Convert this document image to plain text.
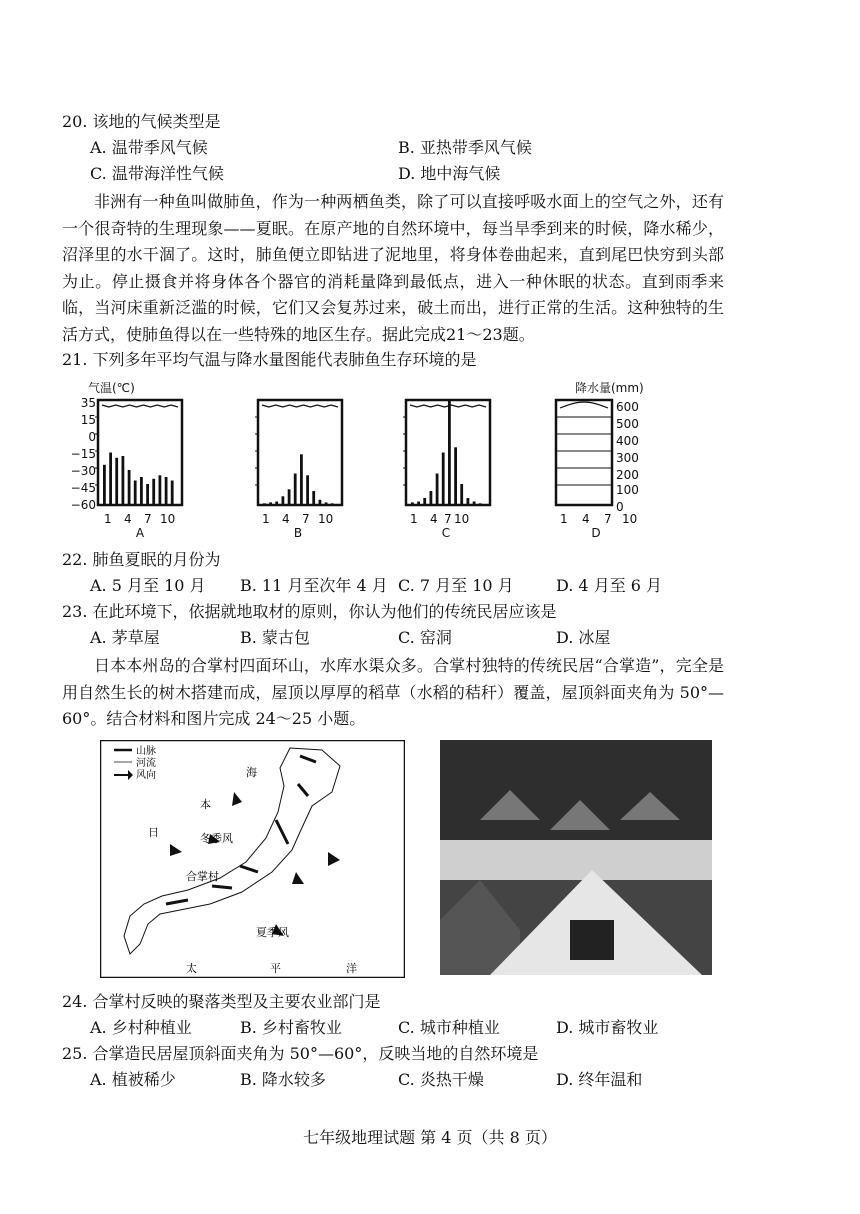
20. 该地的气候类型是
A. 温带季风气候	B. 亚热带季风气候
C. 温带海洋性气候	D. 地中海气候

非洲有一种鱼叫做肺鱼，作为一种两栖鱼类，除了可以直接呼吸水面上的空气之外，还有一个很奇特的生理现象——夏眠。在原产地的自然环境中，每当旱季到来的时候，降水稀少，沼泽里的水干涸了。这时，肺鱼便立即钻进了泥地里，将身体卷曲起来，直到尾巴快穷到头部为止。停止摄食并将身体各个器官的消耗量降到最低点，进入一种休眠的状态。直到雨季来临，当河床重新泛滥的时候，它们又会复苏过来，破土而出，进行正常的生活。这种独特的生活方式，使肺鱼得以在一些特殊的地区生存。据此完成21～23题。

21. 下列多年平均气温与降水量图能代表肺鱼生存环境的是
气温(℃)	降水量(mm)
35
15
0
−15
−30
−45
−60
600
500
400
300
200
100
0
A	B	C	D
1 4 7 10	1 4 7 10	1 4 7 10	1 4 7 10
22. 肺鱼夏眠的月份为
A. 5 月至 10 月 B. 11 月至次年 4 月 C. 7 月至 10 月	D. 4 月至 6 月
23. 在此环境下，依据就地取材的原则，你认为他们的传统民居应该是
A. 茅草屋	B. 蒙古包	C. 窑洞	D. 冰屋

日本本州岛的合掌村四面环山，水库水渠众多。合掌村独特的传统民居“合掌造”，完全是用自然生长的树木搭建而成，屋顶以厚厚的稻草（水稻的秸秆）覆盖，屋顶斜面夹角为 50°—60°。结合材料和图片完成 24～25 小题。

山脉
河流
风向	海
本
日	冬季风
合掌村
夏季风
太	平	洋
24. 合掌村反映的聚落类型及主要农业部门是
A. 乡村种植业	B. 乡村畜牧业	C. 城市种植业	D. 城市畜牧业
25. 合掌造民居屋顶斜面夹角为 50°—60°，反映当地的自然环境是
A. 植被稀少	B. 降水较多	C. 炎热干燥	D. 终年温和
七年级地理试题 第 4 页（共 8 页）
